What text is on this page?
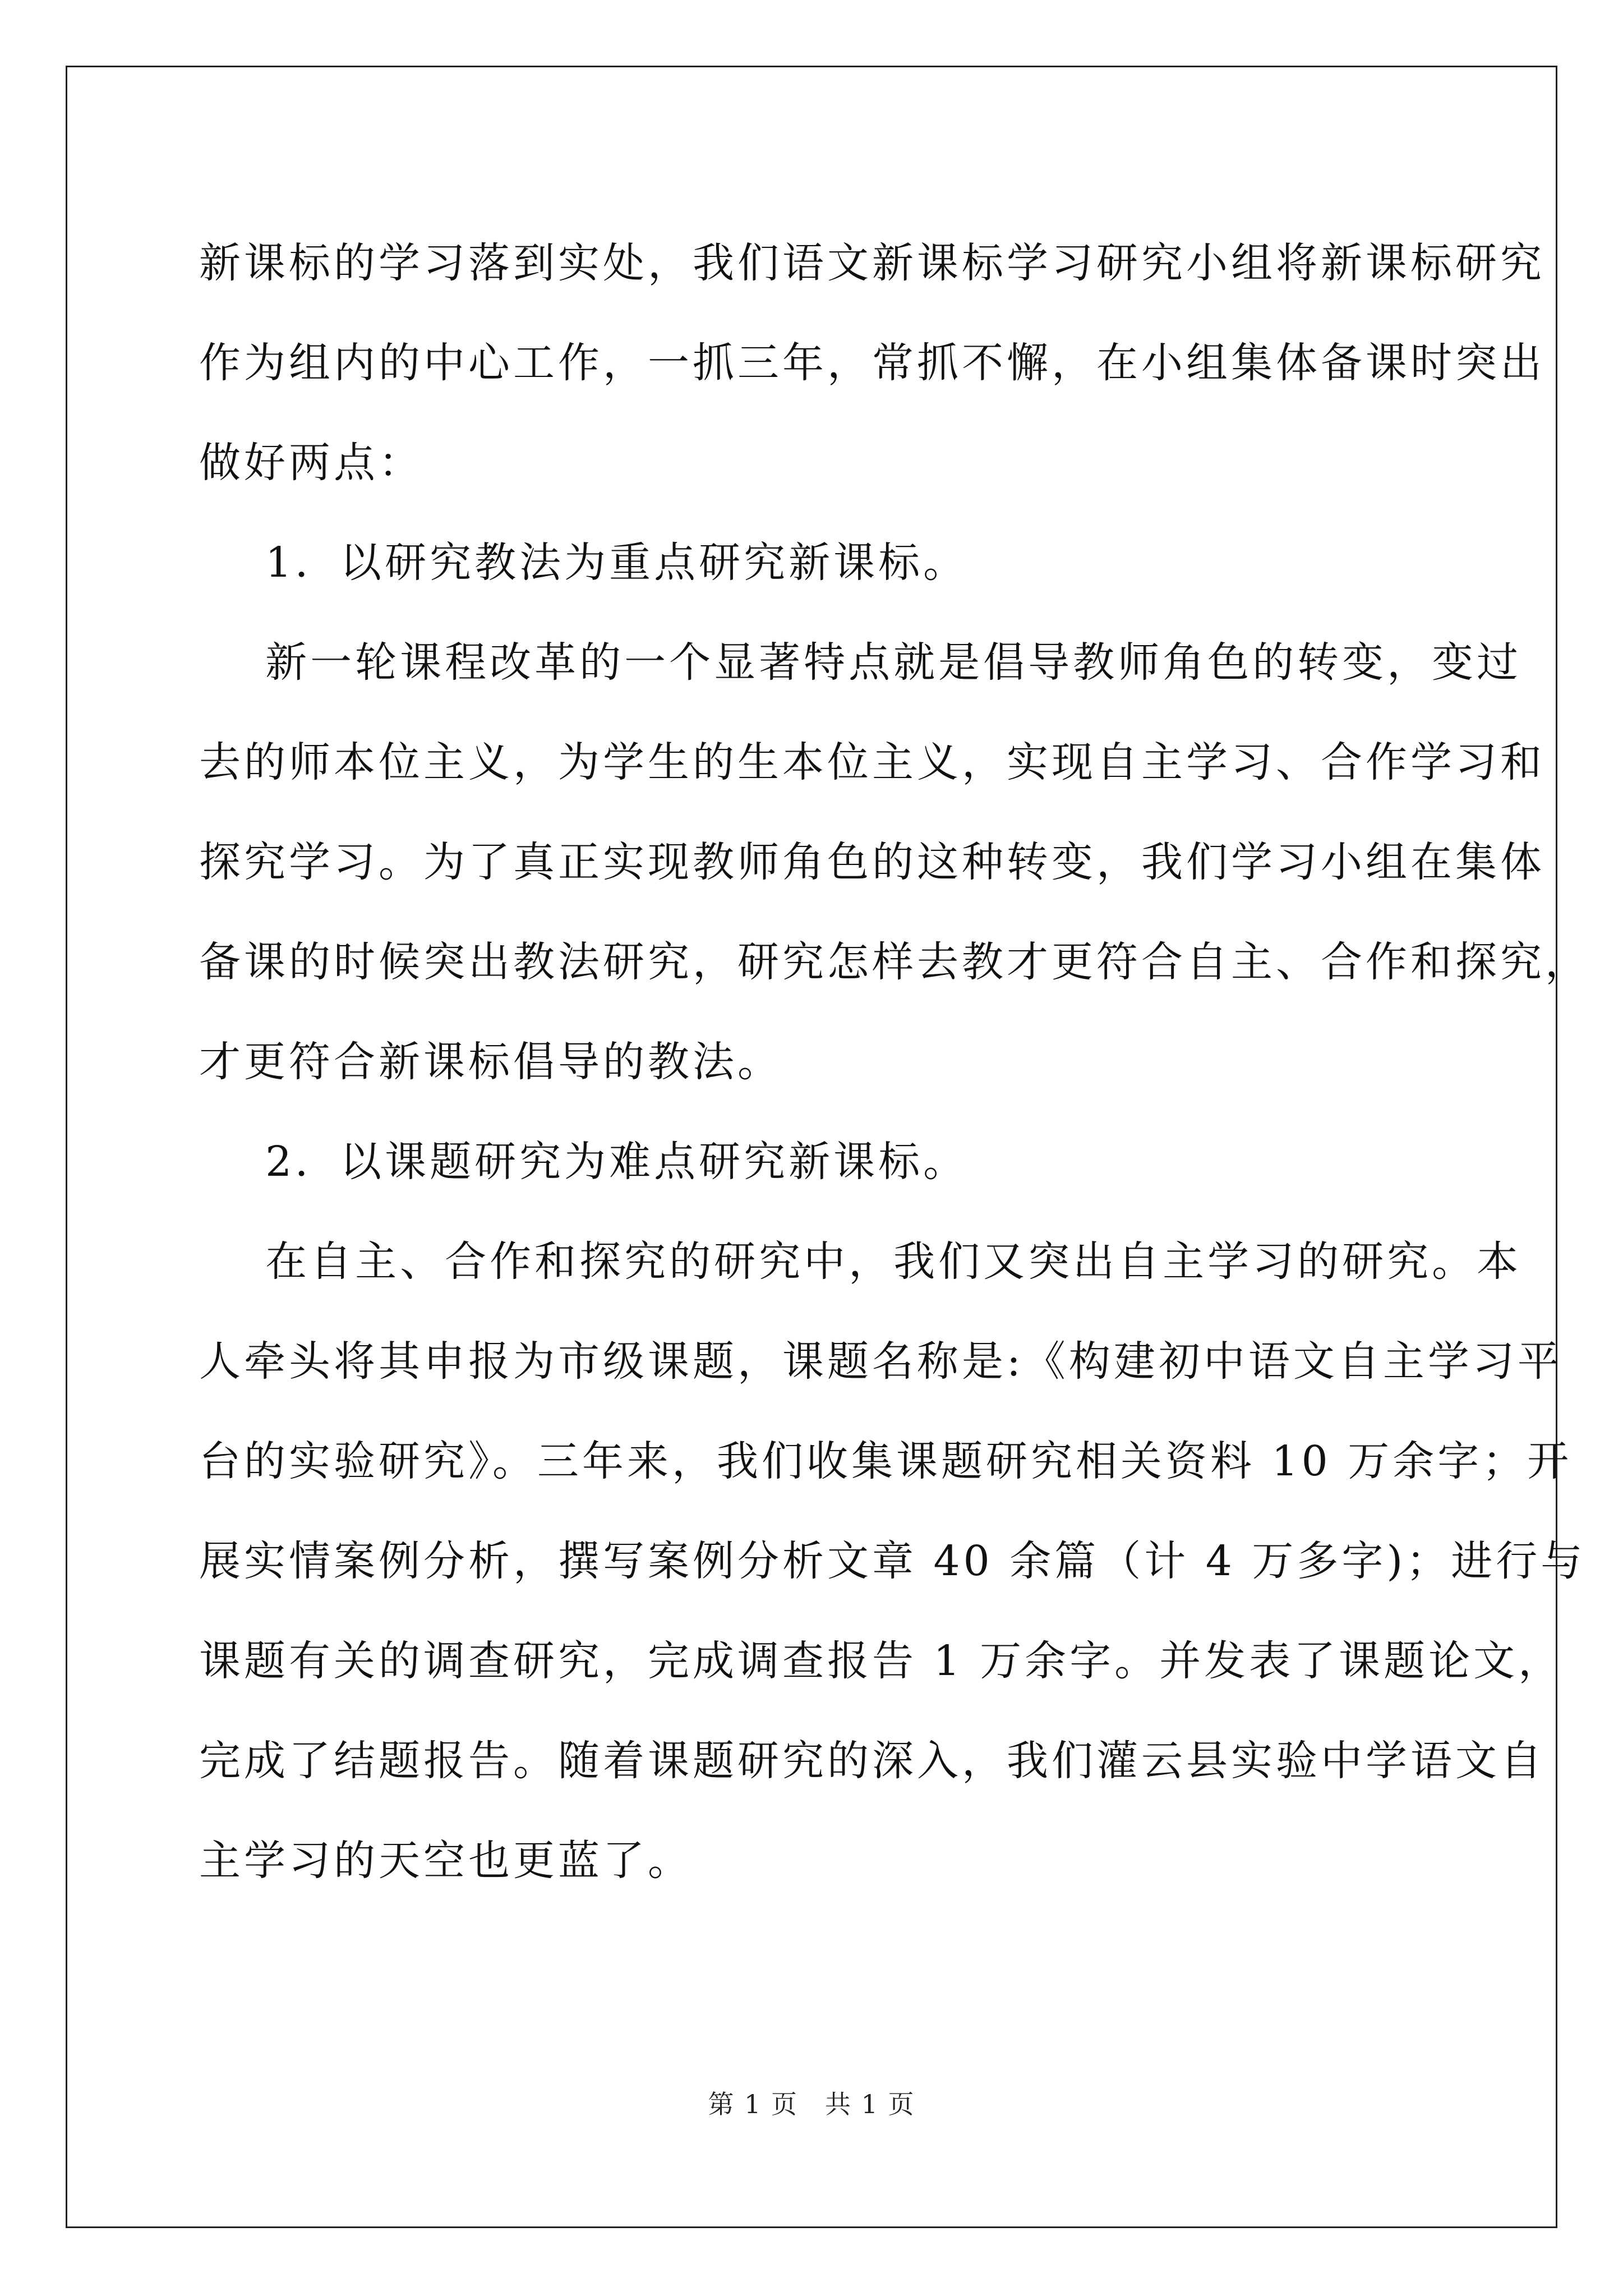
新课标的学习落到实处，我们语文新课标学习研究小组将新课标研究
作为组内的中心工作，一抓三年，常抓不懈，在小组集体备课时突出
做好两点：
1．以研究教法为重点研究新课标。
新一轮课程改革的一个显著特点就是倡导教师角色的转变，变过
去的师本位主义，为学生的生本位主义，实现自主学习、合作学习和
探究学习。为了真正实现教师角色的这种转变，我们学习小组在集体
备课的时候突出教法研究，研究怎样去教才更符合自主、合作和探究，
才更符合新课标倡导的教法。
2．以课题研究为难点研究新课标。
在自主、合作和探究的研究中，我们又突出自主学习的研究。本
人牵头将其申报为市级课题，课题名称是:《构建初中语文自主学习平
台的实验研究》。三年来，我们收集课题研究相关资料 10 万余字；开
展实情案例分析，撰写案例分析文章 40 余篇（计 4 万多字)；进行与
课题有关的调查研究，完成调查报告 1 万余字。并发表了课题论文，
完成了结题报告。随着课题研究的深入，我们灌云县实验中学语文自
主学习的天空也更蓝了。
第 1 页　共 1 页
